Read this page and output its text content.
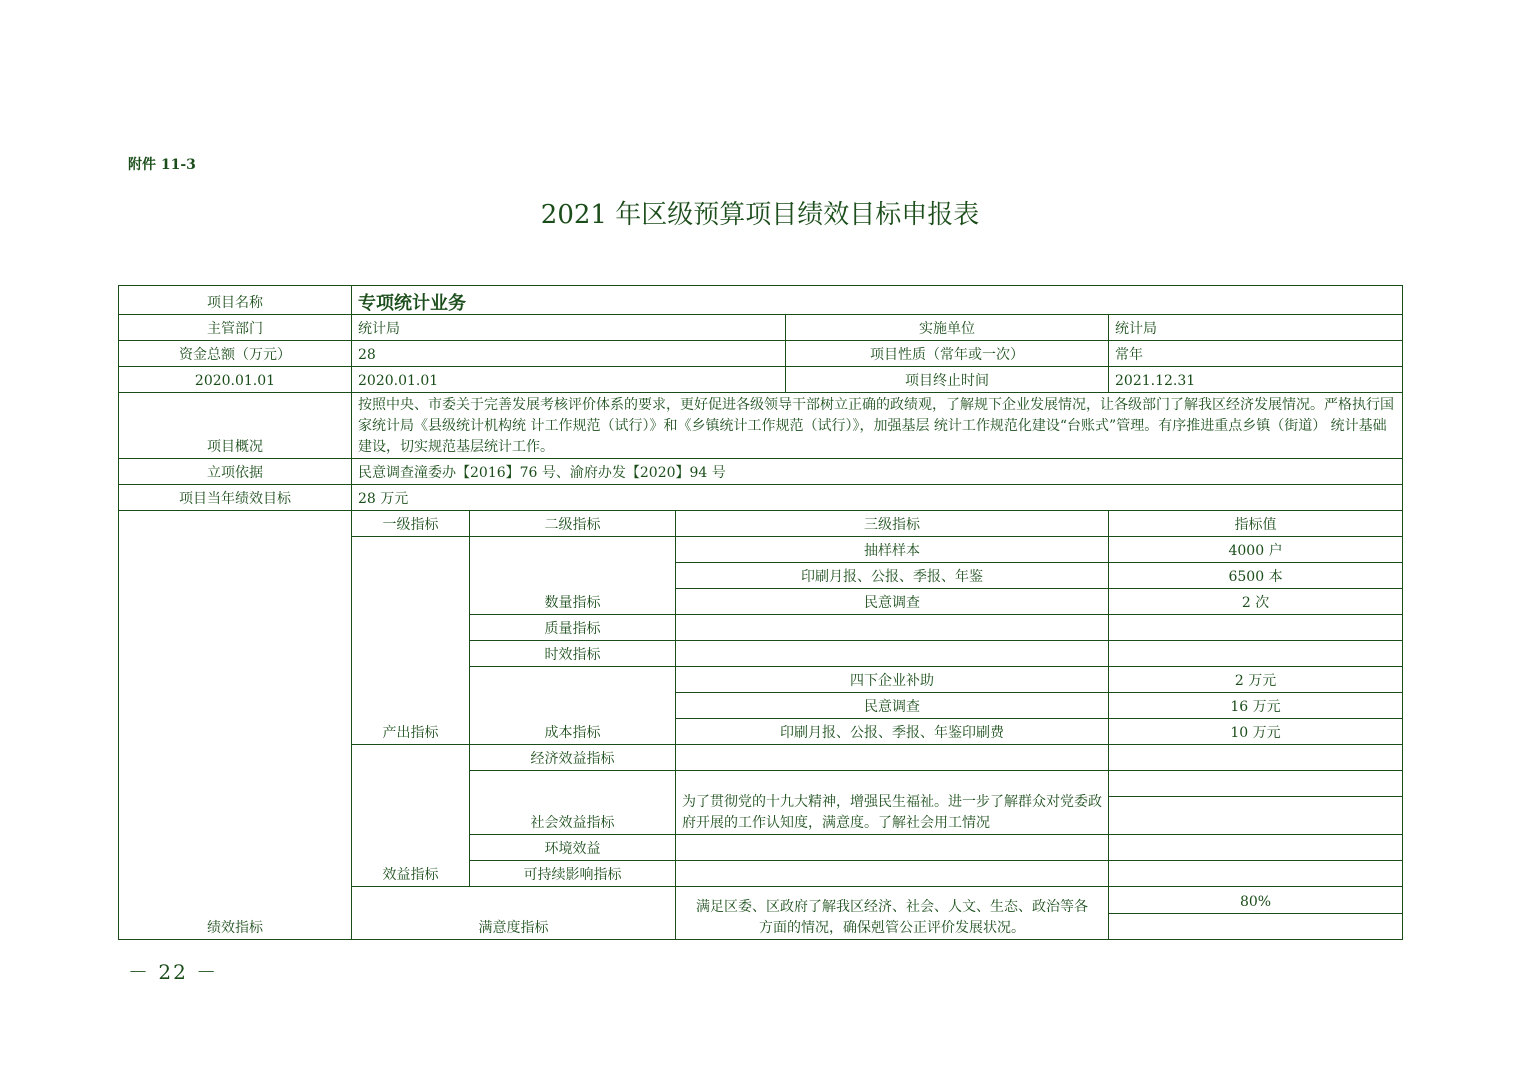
附件 11-3
2021 年区级预算项目绩效目标申报表
项目名称	专项统计业务				
主管部门	统计局			实施单位	统计局
资金总额（万元）	28			项目性质（常年或一次）	常年
2020.01.01	2020.01.01			项目终止时间	2021.12.31
项目概况	按照中央、市委关于完善发展考核评价体系的要求，更好促进各级领导干部树立正确的政绩观，了解规下企业发展情况，让各级部门了解我区经济发展情况。严格执行国家统计局《县级统计机构统 计工作规范（试行）》和《乡镇统计工作规范（试行）》，加强基层 统计工作规范化建设“台账式”管理。有序推进重点乡镇（街道） 统计基础建设，切实规范基层统计工作。				
立项依据	民意调查潼委办【2016】76 号、渝府办发【2020】94 号				
项目当年绩效目标	28 万元				
绩效指标	一级指标	二级指标	三级指标		指标值
	产出指标	数量指标	抽样样本		4000 户
			印刷月报、公报、季报、年鉴		6500 本
			民意调查		2 次
		质量指标			
		时效指标			
		成本指标	四下企业补助		2 万元
			民意调查		16 万元
			印刷月报、公报、季报、年鉴印刷费		10 万元
	效益指标	经济效益指标			
		社会效益指标	为了贯彻党的十九大精神，增强民生福祉。进一步了解群众对党委政府开展的工作认知度，满意度。了解社会用工情况		

		环境效益			
		可持续影响指标			
	满意度指标		满足区委、区政府了解我区经济、社会、人文、生态、政治等各方面的情况，确保剋管公正评价发展状况。		80%

－ 22 －
